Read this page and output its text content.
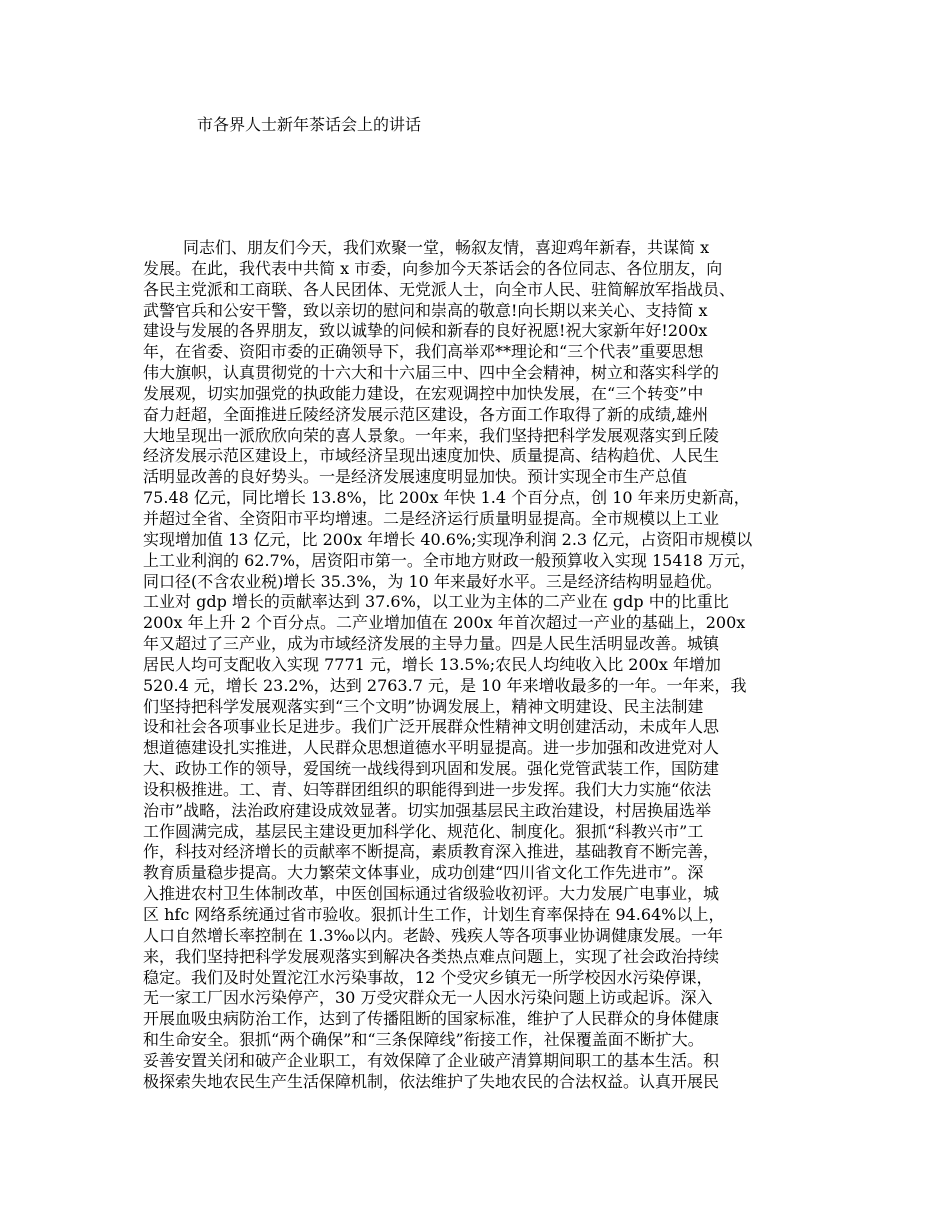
市各界人士新年茶话会上的讲话
同志们、朋友们今天，我们欢聚一堂，畅叙友情，喜迎鸡年新春，共谋简 x
发展。在此，我代表中共简 x 市委，向参加今天茶话会的各位同志、各位朋友，向
各民主党派和工商联、各人民团体、无党派人士，向全市人民、驻简解放军指战员、
武警官兵和公安干警，致以亲切的慰问和崇高的敬意!向长期以来关心、支持简 x
建设与发展的各界朋友，致以诚挚的问候和新春的良好祝愿!祝大家新年好!200x
年，在省委、资阳市委的正确领导下，我们高举邓**理论和“三个代表”重要思想
伟大旗帜，认真贯彻党的十六大和十六届三中、四中全会精神，树立和落实科学的
发展观，切实加强党的执政能力建设，在宏观调控中加快发展，在“三个转变”中
奋力赶超，全面推进丘陵经济发展示范区建设，各方面工作取得了新的成绩,雄州
大地呈现出一派欣欣向荣的喜人景象。一年来，我们坚持把科学发展观落实到丘陵
经济发展示范区建设上，市域经济呈现出速度加快、质量提高、结构趋优、人民生
活明显改善的良好势头。一是经济发展速度明显加快。预计实现全市生产总值
75.48 亿元，同比增长 13.8%，比 200x 年快 1.4 个百分点，创 10 年来历史新高，
并超过全省、全资阳市平均增速。二是经济运行质量明显提高。全市规模以上工业
实现增加值 13 亿元，比 200x 年增长 40.6%;实现净利润 2.3 亿元，占资阳市规模以
上工业利润的 62.7%，居资阳市第一。全市地方财政一般预算收入实现 15418 万元，
同口径(不含农业税)增长 35.3%，为 10 年来最好水平。三是经济结构明显趋优。
工业对 gdp 增长的贡献率达到 37.6%，以工业为主体的二产业在 gdp 中的比重比
200x 年上升 2 个百分点。二产业增加值在 200x 年首次超过一产业的基础上，200x
年又超过了三产业，成为市域经济发展的主导力量。四是人民生活明显改善。城镇
居民人均可支配收入实现 7771 元，增长 13.5%;农民人均纯收入比 200x 年增加
520.4 元，增长 23.2%，达到 2763.7 元，是 10 年来增收最多的一年。一年来，我
们坚持把科学发展观落实到“三个文明”协调发展上，精神文明建设、民主法制建
设和社会各项事业长足进步。我们广泛开展群众性精神文明创建活动，未成年人思
想道德建设扎实推进，人民群众思想道德水平明显提高。进一步加强和改进党对人
大、政协工作的领导，爱国统一战线得到巩固和发展。强化党管武装工作，国防建
设积极推进。工、青、妇等群团组织的职能得到进一步发挥。我们大力实施“依法
治市”战略，法治政府建设成效显著。切实加强基层民主政治建设，村居换届选举
工作圆满完成，基层民主建设更加科学化、规范化、制度化。狠抓“科教兴市”工
作，科技对经济增长的贡献率不断提高，素质教育深入推进，基础教育不断完善，
教育质量稳步提高。大力繁荣文体事业，成功创建“四川省文化工作先进市”。深
入推进农村卫生体制改革，中医创国标通过省级验收初评。大力发展广电事业，城
区 hfc 网络系统通过省市验收。狠抓计生工作，计划生育率保持在 94.64%以上，
人口自然增长率控制在 1.3‰以内。老龄、残疾人等各项事业协调健康发展。一年
来，我们坚持把科学发展观落实到解决各类热点难点问题上，实现了社会政治持续
稳定。我们及时处置沱江水污染事故，12 个受灾乡镇无一所学校因水污染停课，
无一家工厂因水污染停产，30 万受灾群众无一人因水污染问题上访或起诉。深入
开展血吸虫病防治工作，达到了传播阻断的国家标准，维护了人民群众的身体健康
和生命安全。狠抓“两个确保”和“三条保障线”衔接工作，社保覆盖面不断扩大。
妥善安置关闭和破产企业职工，有效保障了企业破产清算期间职工的基本生活。积
极探索失地农民生产生活保障机制，依法维护了失地农民的合法权益。认真开展民
